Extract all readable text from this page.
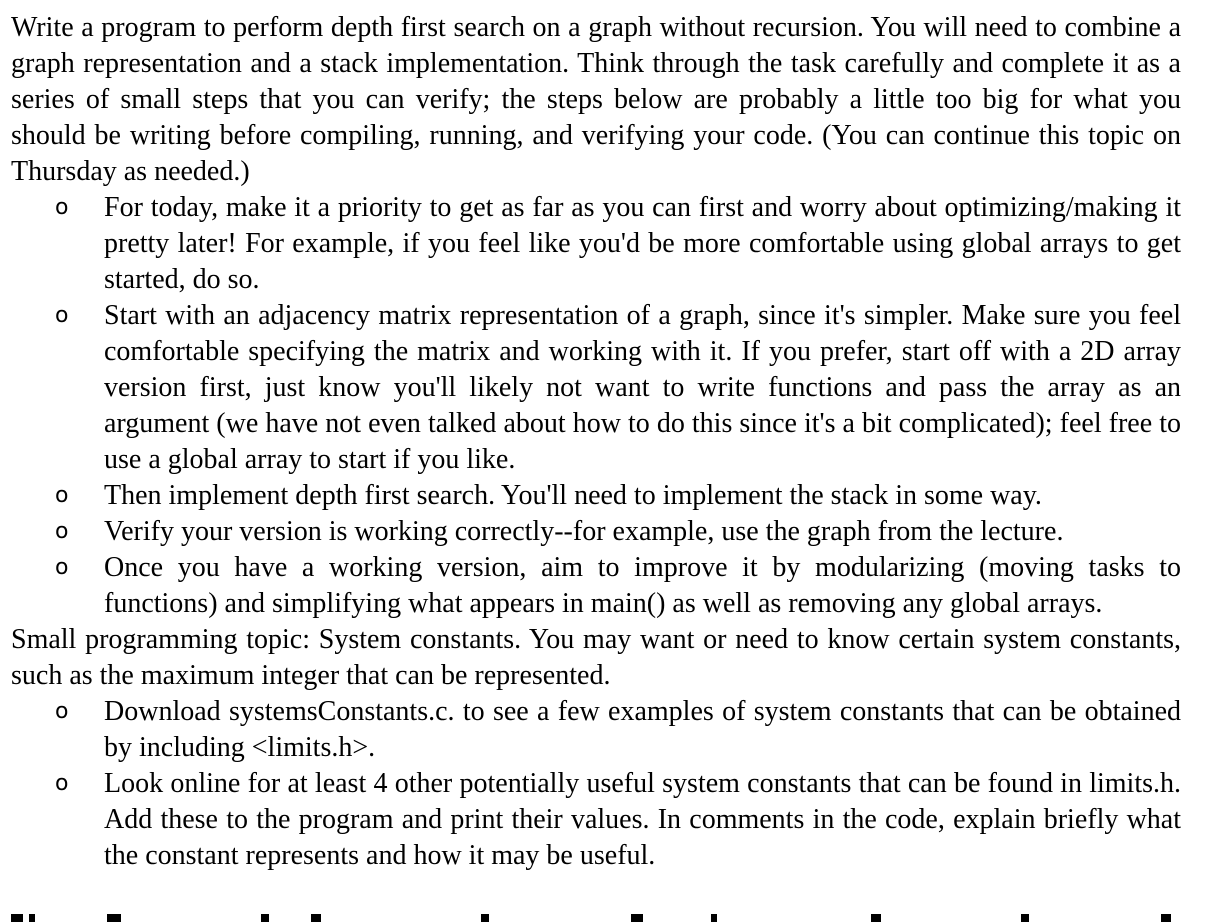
Write a program to perform depth first search on a graph without recursion. You will need to combine a graph representation and a stack implementation. Think through the task carefully and complete it as a series of small steps that you can verify; the steps below are probably a little too big for what you should be writing before compiling, running, and verifying your code. (You can continue this topic on Thursday as needed.)

o For today, make it a priority to get as far as you can first and worry about optimizing/making it pretty later! For example, if you feel like you'd be more comfortable using global arrays to get started, do so.
o Start with an adjacency matrix representation of a graph, since it's simpler. Make sure you feel comfortable specifying the matrix and working with it. If you prefer, start off with a 2D array version first, just know you'll likely not want to write functions and pass the array as an argument (we have not even talked about how to do this since it's a bit complicated); feel free to use a global array to start if you like.
o Then implement depth first search. You'll need to implement the stack in some way.
o Verify your version is working correctly--for example, use the graph from the lecture.
o Once you have a working version, aim to improve it by modularizing (moving tasks to functions) and simplifying what appears in main() as well as removing any global arrays.

Small programming topic: System constants. You may want or need to know certain system constants, such as the maximum integer that can be represented.

o Download systemsConstants.c. to see a few examples of system constants that can be obtained by including <limits.h>.
o Look online for at least 4 other potentially useful system constants that can be found in limits.h. Add these to the program and print their values. In comments in the code, explain briefly what the constant represents and how it may be useful.
